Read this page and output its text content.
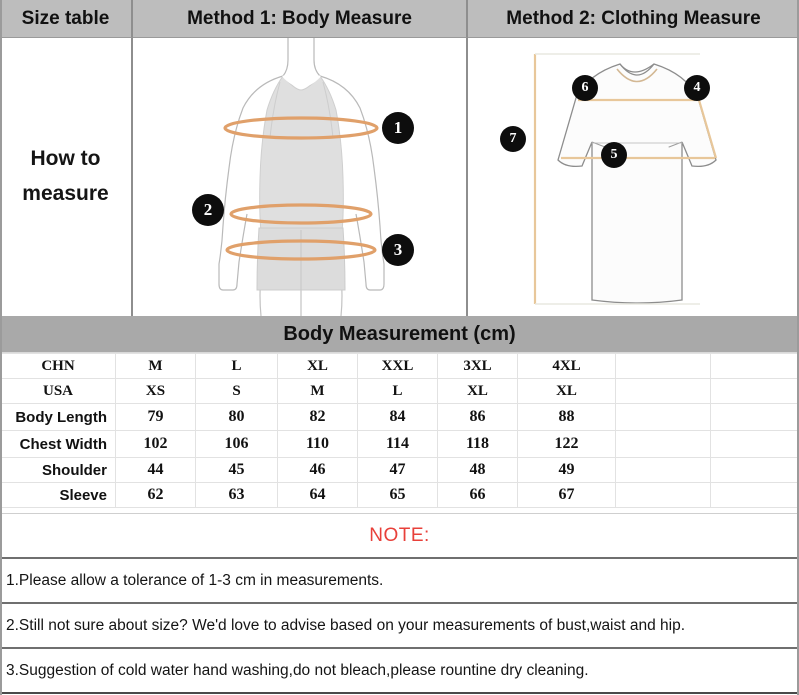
Size table	Method 1: Body Measure	Method 2: Clothing Measure
How to
measure
1
2
3
6	4
5
7
Body Measurement (cm)
CHN	M	L	XL	XXL	3XL	4XL		
USA	XS	S	M	L	XL	XL		
Body Length	79	80	82	84	86	88		
Chest Width	102	106	110	114	118	122		
Shoulder	44	45	46	47	48	49		
Sleeve	62	63	64	65	66	67		
NOTE:
1.Please allow a tolerance of 1-3 cm in measurements.
2.Still not sure about size? We'd love to advise based on your measurements of bust,waist and hip.
3.Suggestion of cold water hand washing,do not bleach,please rountine dry cleaning.
